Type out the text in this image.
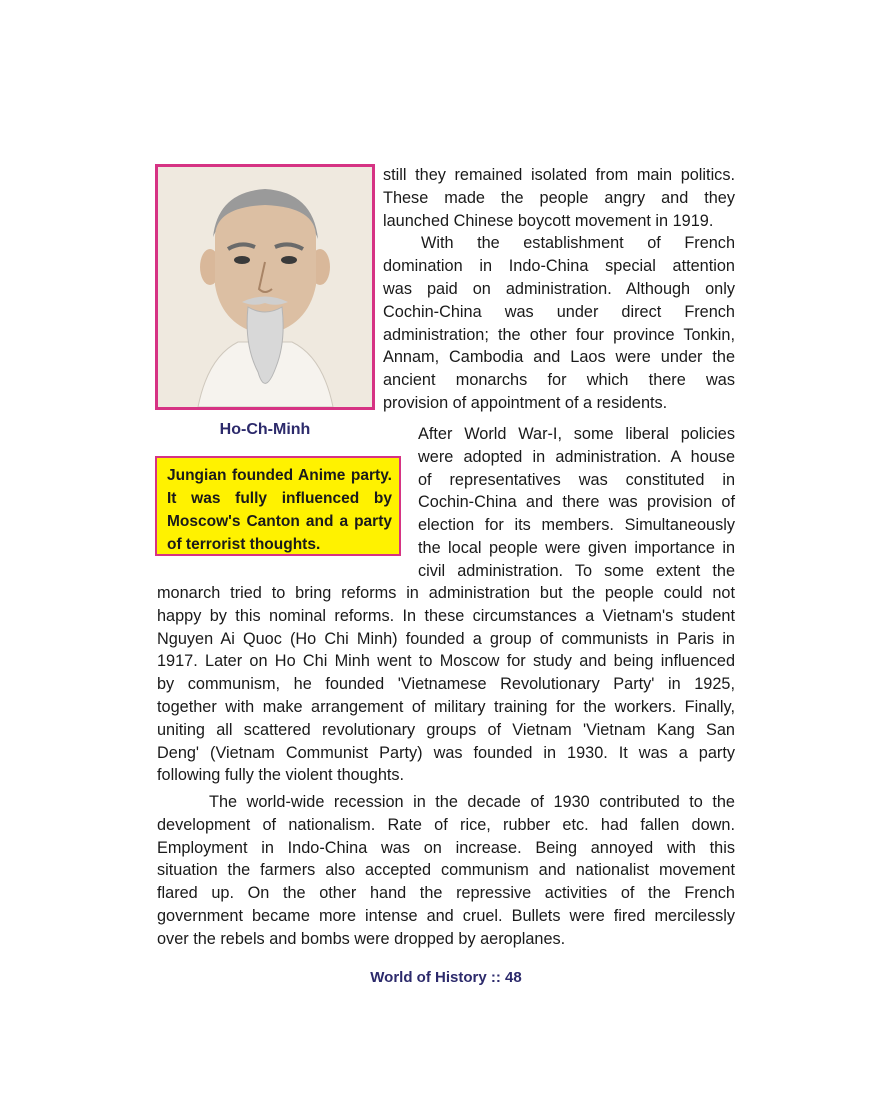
Ho-Ch-Minh
Jungian founded Anime party.
It was fully influenced by
Moscow's Canton and a party
of terrorist thoughts.
still they remained isolated from main politics.
These made the people angry and they
launched Chinese boycott movement in 1919.
With the establishment of French
domination in Indo-China special attention
was paid on administration. Although only
Cochin-China was under direct French
administration; the other four province Tonkin,
Annam, Cambodia and Laos were under the
ancient monarchs for which there was
provision of appointment of a residents.
After World War-I, some liberal policies
were adopted in administration. A house
of representatives was constituted in
Cochin-China and there was provision of
election for its members. Simultaneously
the local people were given importance in
civil administration. To some extent the
monarch tried to bring reforms in administration but the people could not
happy by this nominal reforms. In these circumstances a Vietnam's student
Nguyen Ai Quoc (Ho Chi Minh) founded a group of communists in Paris in
1917. Later on Ho Chi Minh went to Moscow for study and being influenced
by communism, he founded 'Vietnamese Revolutionary Party' in 1925,
together with make arrangement of military training for the workers. Finally,
uniting all scattered revolutionary groups of Vietnam 'Vietnam Kang San
Deng' (Vietnam Communist Party) was founded in 1930. It was a party
following fully the violent thoughts.
The world-wide recession in the decade of 1930 contributed to the
development of nationalism. Rate of rice, rubber etc. had fallen down.
Employment in Indo-China was on increase. Being annoyed with this
situation the farmers also accepted communism and nationalist movement
flared up. On the other hand the repressive activities of the French
government became more intense and cruel. Bullets were fired mercilessly
over the rebels and bombs were dropped by aeroplanes.
World of History :: 48
